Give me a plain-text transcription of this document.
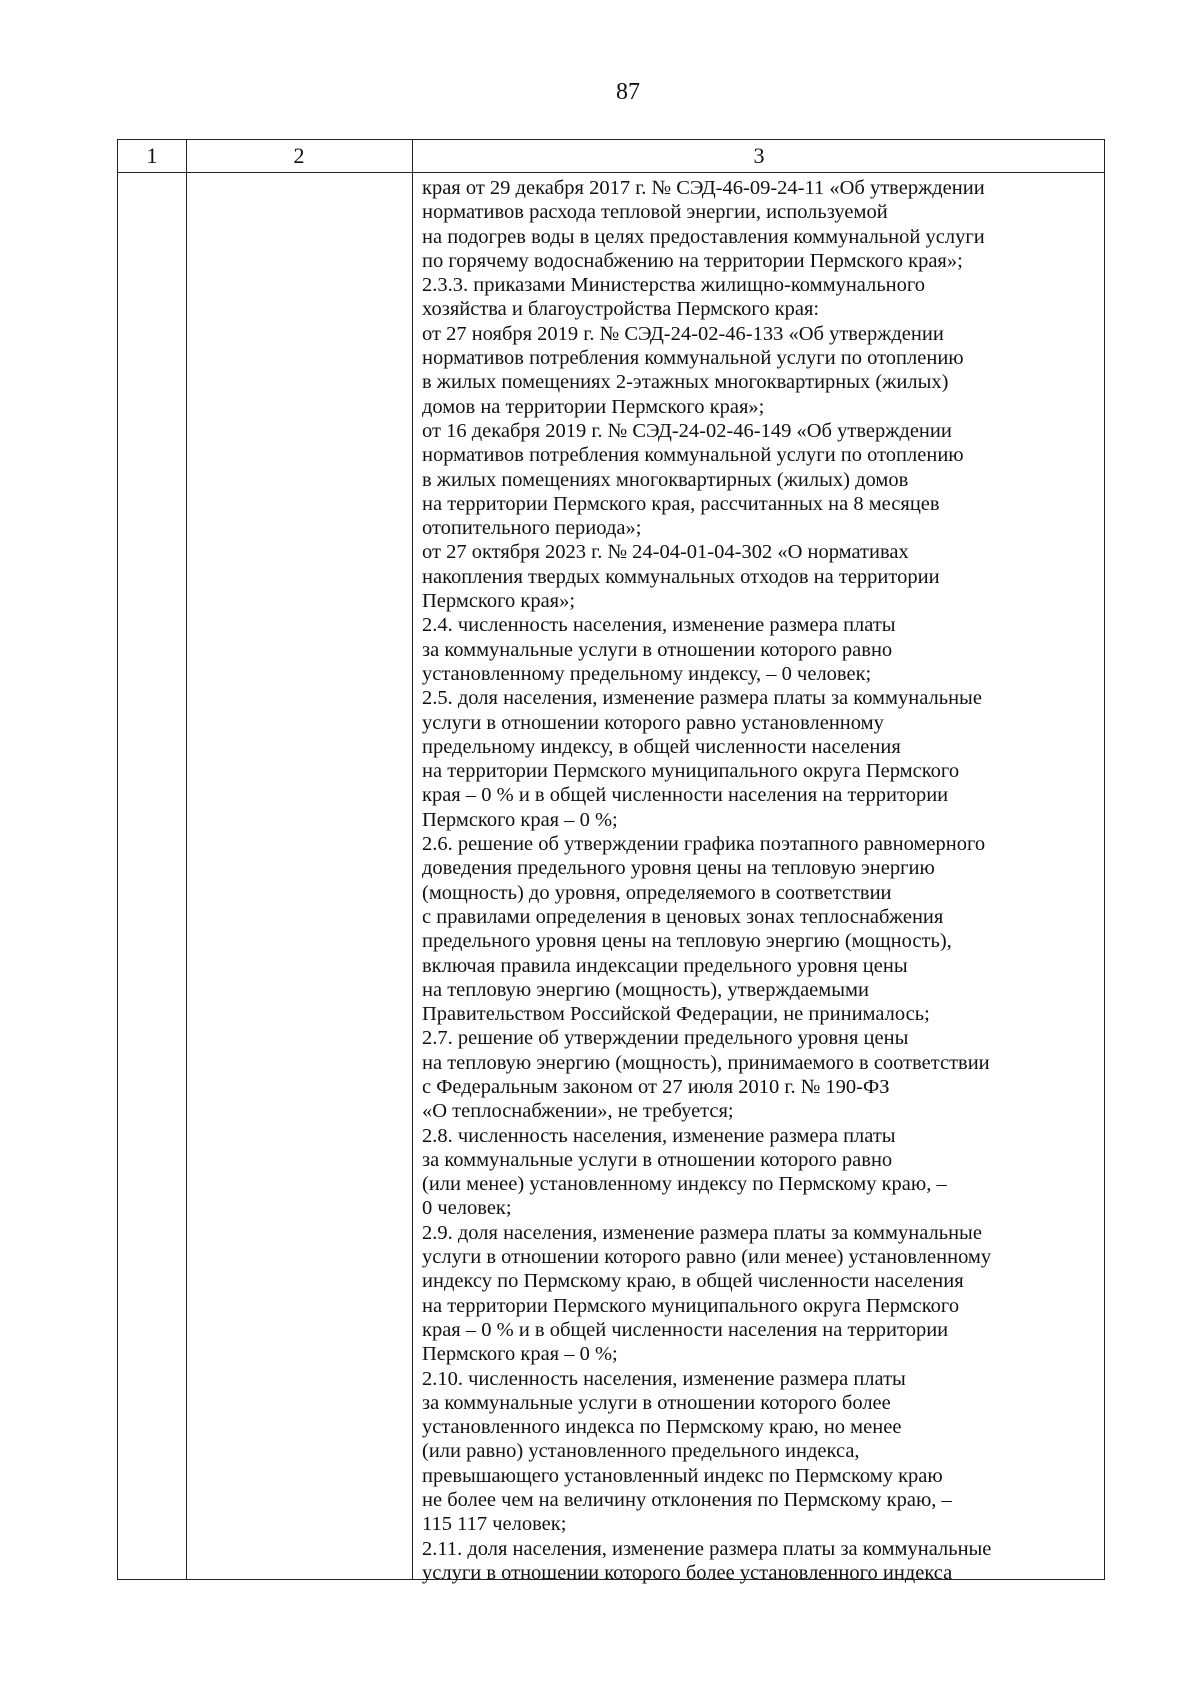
87
1	2	3
края от 29 декабря 2017 г. № СЭД-46-09-24-11 «Об утверждении
нормативов расхода тепловой энергии, используемой
на подогрев воды в целях предоставления коммунальной услуги
по горячему водоснабжению на территории Пермского края»;
2.3.3. приказами Министерства жилищно-коммунального
хозяйства и благоустройства Пермского края:
от 27 ноября 2019 г. № СЭД-24-02-46-133 «Об утверждении
нормативов потребления коммунальной услуги по отоплению
в жилых помещениях 2-этажных многоквартирных (жилых)
домов на территории Пермского края»;
от 16 декабря 2019 г. № СЭД-24-02-46-149 «Об утверждении
нормативов потребления коммунальной услуги по отоплению
в жилых помещениях многоквартирных (жилых) домов
на территории Пермского края, рассчитанных на 8 месяцев
отопительного периода»;
от 27 октября 2023 г. № 24-04-01-04-302 «О нормативах
накопления твердых коммунальных отходов на территории
Пермского края»;
2.4. численность населения, изменение размера платы
за коммунальные услуги в отношении которого равно
установленному предельному индексу, – 0 человек;
2.5. доля населения, изменение размера платы за коммунальные
услуги в отношении которого равно установленному
предельному индексу, в общей численности населения
на территории Пермского муниципального округа Пермского
края – 0 % и в общей численности населения на территории
Пермского края – 0 %;
2.6. решение об утверждении графика поэтапного равномерного
доведения предельного уровня цены на тепловую энергию
(мощность) до уровня, определяемого в соответствии
с правилами определения в ценовых зонах теплоснабжения
предельного уровня цены на тепловую энергию (мощность),
включая правила индексации предельного уровня цены
на тепловую энергию (мощность), утверждаемыми
Правительством Российской Федерации, не принималось;
2.7. решение об утверждении предельного уровня цены
на тепловую энергию (мощность), принимаемого в соответствии
с Федеральным законом от 27 июля 2010 г. № 190-ФЗ
«О теплоснабжении», не требуется;
2.8. численность населения, изменение размера платы
за коммунальные услуги в отношении которого равно
(или менее) установленному индексу по Пермскому краю, –
0 человек;
2.9. доля населения, изменение размера платы за коммунальные
услуги в отношении которого равно (или менее) установленному
индексу по Пермскому краю, в общей численности населения
на территории Пермского муниципального округа Пермского
края – 0 % и в общей численности населения на территории
Пермского края – 0 %;
2.10. численность населения, изменение размера платы
за коммунальные услуги в отношении которого более
установленного индекса по Пермскому краю, но менее
(или равно) установленного предельного индекса,
превышающего установленный индекс по Пермскому краю
не более чем на величину отклонения по Пермскому краю, –
115 117 человек;
2.11. доля населения, изменение размера платы за коммунальные
услуги в отношении которого более установленного индекса
